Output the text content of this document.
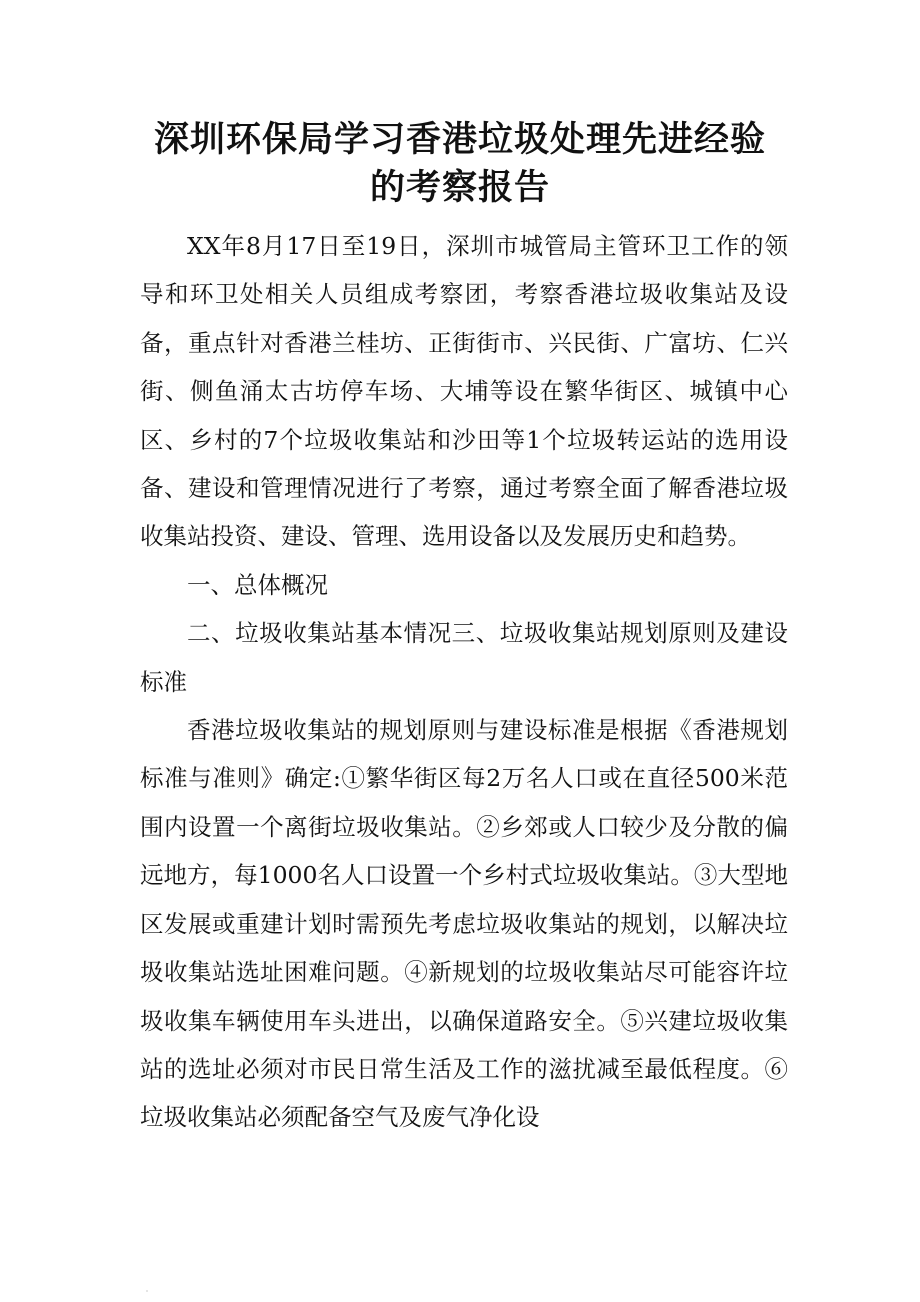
深圳环保局学习香港垃圾处理先进经验
的考察报告

XX年8月17日至19日，深圳市城管局主管环卫工作的领导和环卫处相关人员组成考察团，考察香港垃圾收集站及设备，重点针对香港兰桂坊、正街街市、兴民街、广富坊、仁兴街、侧鱼涌太古坊停车场、大埔等设在繁华街区、城镇中心区、乡村的7个垃圾收集站和沙田等1个垃圾转运站的选用设备、建设和管理情况进行了考察，通过考察全面了解香港垃圾收集站投资、建设、管理、选用设备以及发展历史和趋势。

一、总体概况

二、垃圾收集站基本情况三、垃圾收集站规划原则及建设标准

香港垃圾收集站的规划原则与建设标准是根据《香港规划标准与准则》确定:①繁华街区每2万名人口或在直径500米范围内设置一个离街垃圾收集站。②乡郊或人口较少及分散的偏远地方，每1000名人口设置一个乡村式垃圾收集站。③大型地区发展或重建计划时需预先考虑垃圾收集站的规划，以解决垃圾收集站选址困难问题。④新规划的垃圾收集站尽可能容许垃圾收集车辆使用车头进出，以确保道路安全。⑤兴建垃圾收集站的选址必须对市民日常生活及工作的滋扰减至最低程度。⑥垃圾收集站必须配备空气及废气净化设
